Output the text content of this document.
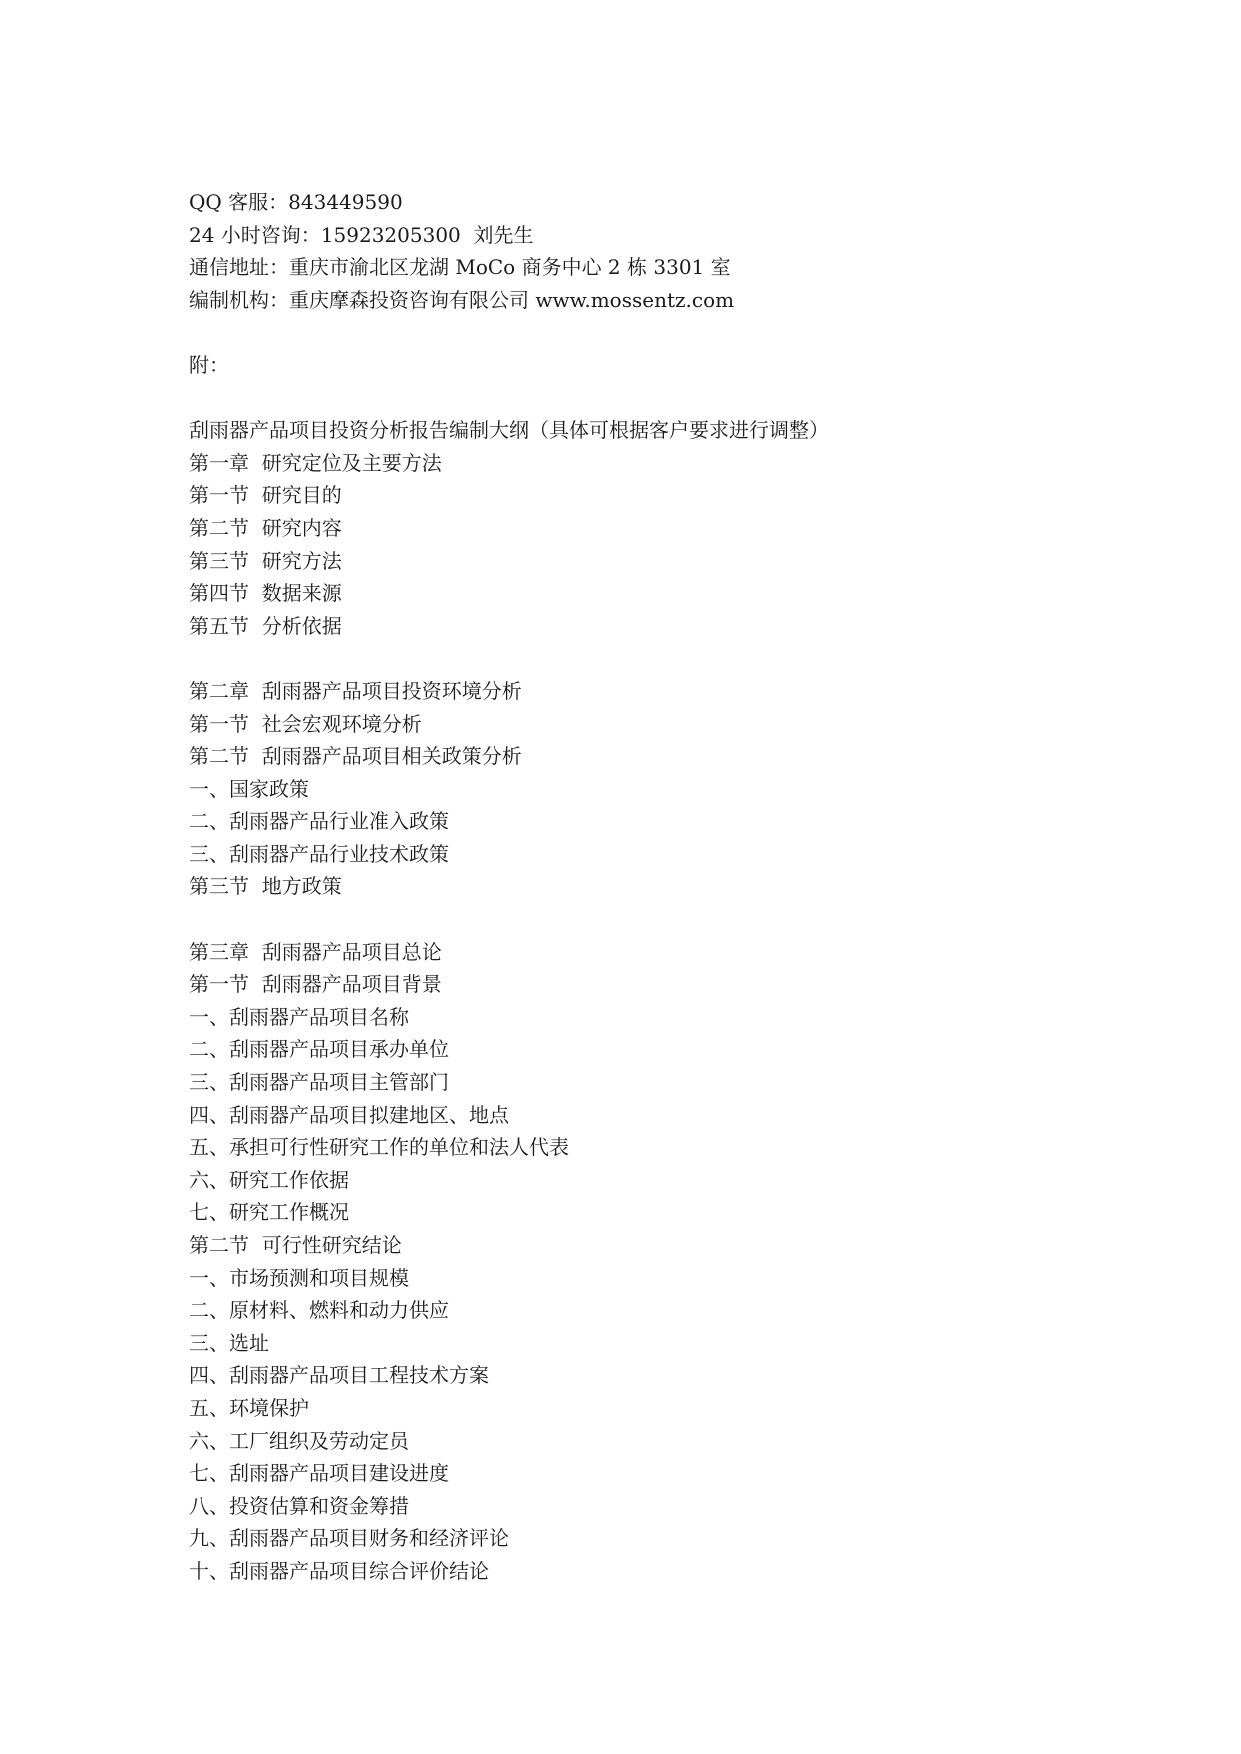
QQ 客服：843449590
24 小时咨询：15923205300  刘先生
通信地址：重庆市渝北区龙湖 MoCo 商务中心 2 栋 3301 室
编制机构：重庆摩森投资咨询有限公司 www.mossentz.com
附：
刮雨器产品项目投资分析报告编制大纲（具体可根据客户要求进行调整）
第一章  研究定位及主要方法
第一节  研究目的
第二节  研究内容
第三节  研究方法
第四节  数据来源
第五节  分析依据
第二章  刮雨器产品项目投资环境分析
第一节  社会宏观环境分析
第二节  刮雨器产品项目相关政策分析
一、国家政策
二、刮雨器产品行业准入政策
三、刮雨器产品行业技术政策
第三节  地方政策
第三章  刮雨器产品项目总论
第一节  刮雨器产品项目背景
一、刮雨器产品项目名称
二、刮雨器产品项目承办单位
三、刮雨器产品项目主管部门
四、刮雨器产品项目拟建地区、地点
五、承担可行性研究工作的单位和法人代表
六、研究工作依据
七、研究工作概况
第二节  可行性研究结论
一、市场预测和项目规模
二、原材料、燃料和动力供应
三、选址
四、刮雨器产品项目工程技术方案
五、环境保护
六、工厂组织及劳动定员
七、刮雨器产品项目建设进度
八、投资估算和资金筹措
九、刮雨器产品项目财务和经济评论
十、刮雨器产品项目综合评价结论
